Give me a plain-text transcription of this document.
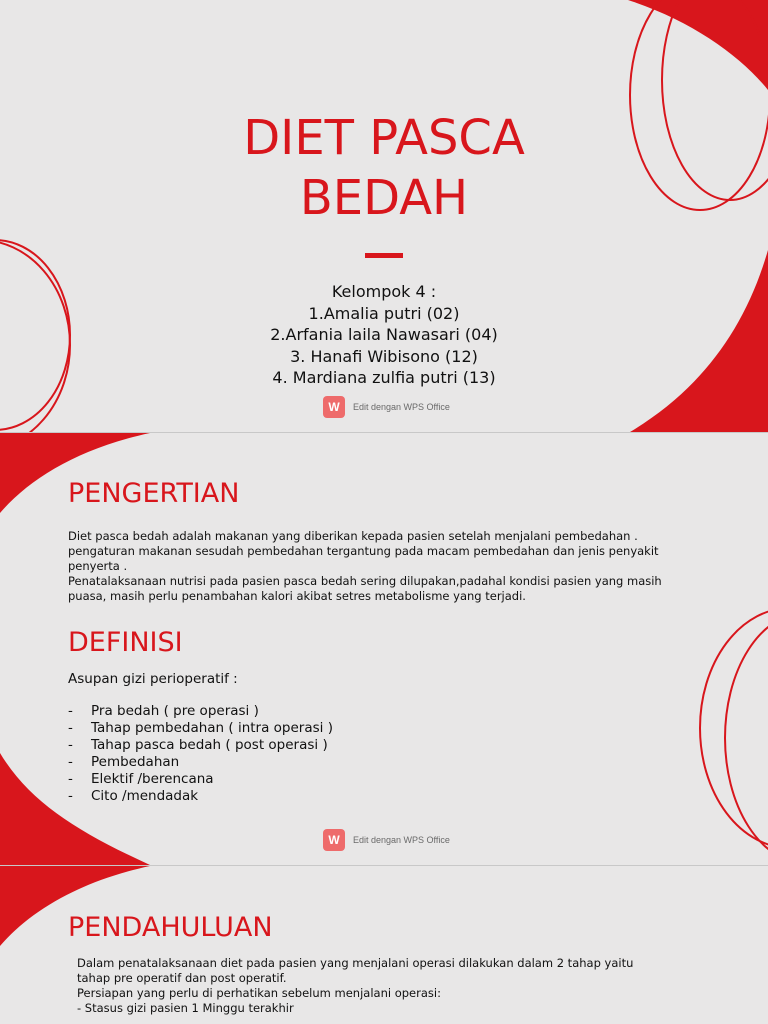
DIET PASCA
BEDAH
Kelompok 4 :
1.Amalia putri (02)
2.Arfania laila Nawasari (04)
3. Hanafi Wibisono (12)
4. Mardiana zulfia putri (13)
W	Edit dengan WPS Office
PENGERTIAN
Diet pasca bedah adalah makanan yang diberikan kepada pasien setelah menjalani pembedahan .
pengaturan makanan sesudah pembedahan tergantung pada macam pembedahan dan jenis penyakit
penyerta .
Penatalaksanaan nutrisi pada pasien pasca bedah sering dilupakan,padahal kondisi pasien yang masih
puasa, masih perlu penambahan kalori akibat setres metabolisme yang terjadi.
DEFINISI
Asupan gizi perioperatif :
-	Pra bedah ( pre operasi )
-	Tahap pembedahan ( intra operasi )
-	Tahap pasca bedah ( post operasi )
-	Pembedahan
-	Elektif /berencana
-	Cito /mendadak
W	Edit dengan WPS Office
PENDAHULUAN
Dalam penatalaksanaan diet pada pasien yang menjalani operasi dilakukan dalam 2 tahap yaitu
tahap pre operatif dan post operatif.
Persiapan yang perlu di perhatikan sebelum menjalani operasi:
- Stasus gizi pasien 1 Minggu terakhir
